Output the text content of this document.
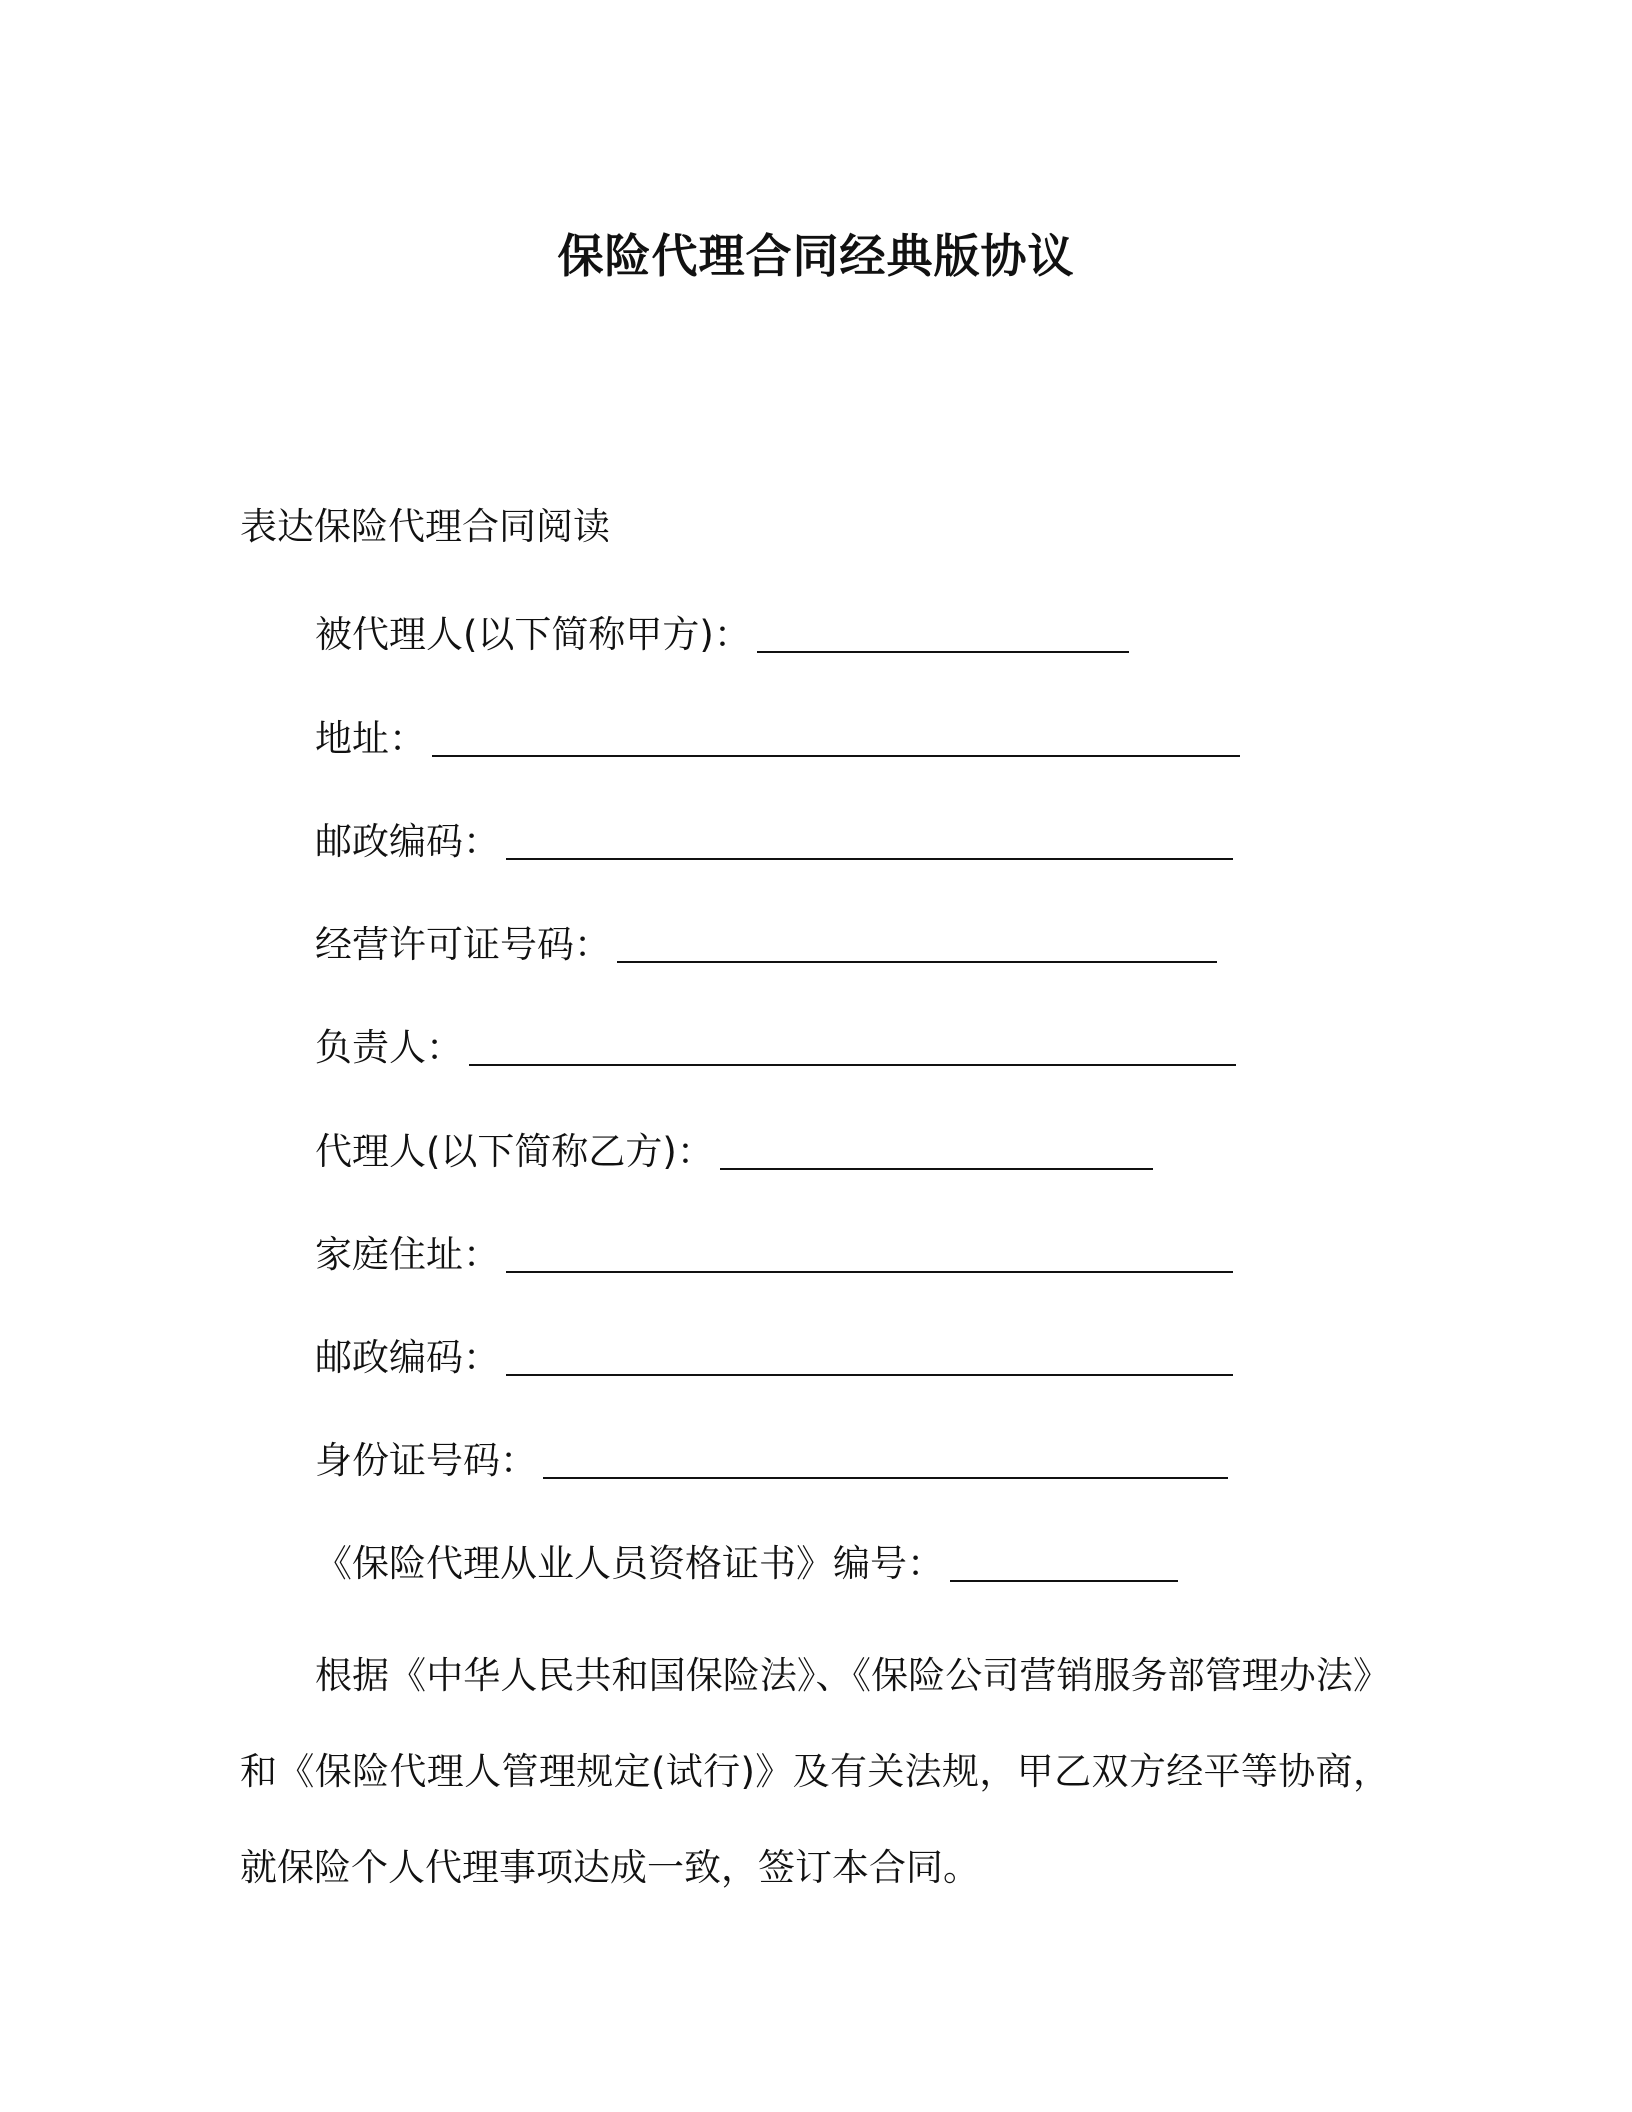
保险代理合同经典版协议
表达保险代理合同阅读
被代理人(以下简称甲方)：
地址：
邮政编码：
经营许可证号码：
负责人：
代理人(以下简称乙方)：
家庭住址：
邮政编码：
身份证号码：
《保险代理从业人员资格证书》编号：
根据《中华人民共和国保险法》、《保险公司营销服务部管理办法》和《保险代理人管理规定(试行)》及有关法规，甲乙双方经平等协商，就保险个人代理事项达成一致，签订本合同。
